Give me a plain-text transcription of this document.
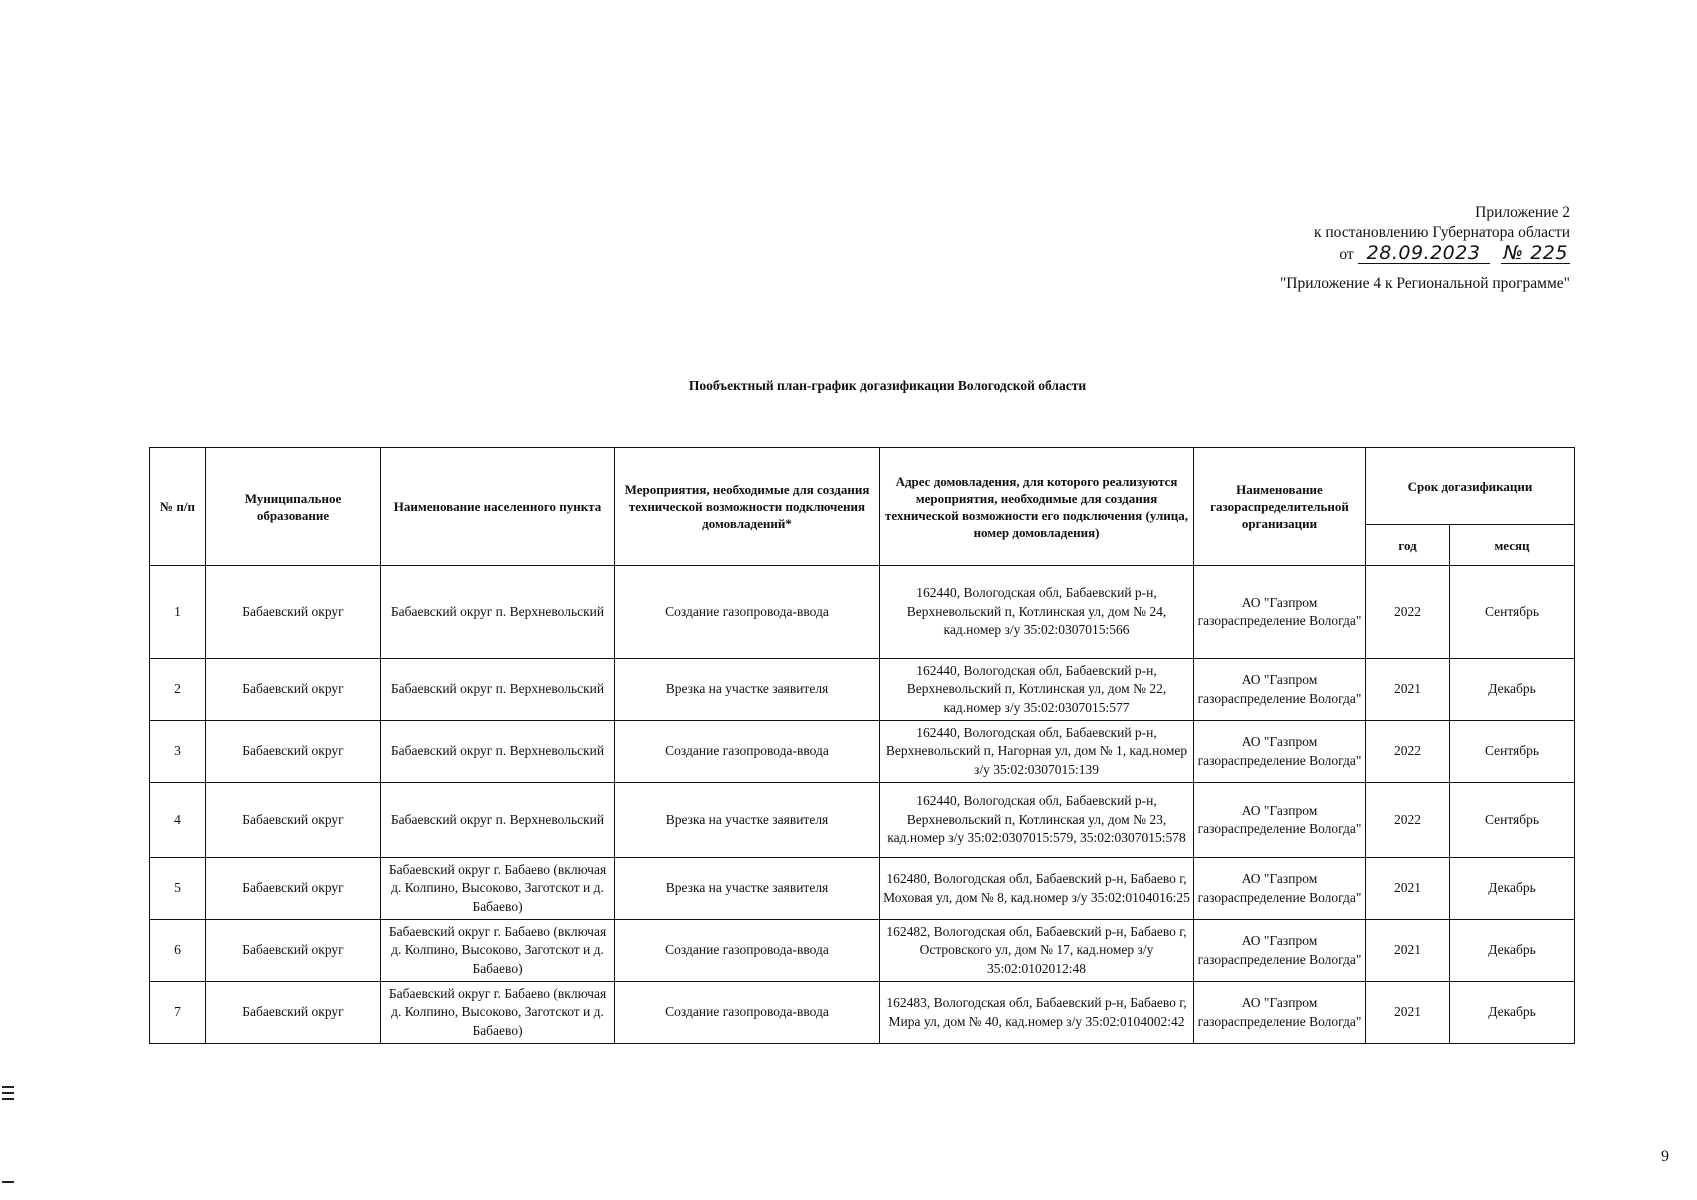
Приложение 2
к постановлению Губернатора области
от 28.09.2023 № 225
"Приложение 4 к Региональной программе"
Пообъектный план-график догазификации Вологодской области
№ п/п	Муниципальное образование	Наименование населенного пункта	Мероприятия, необходимые для создания технической возможности подключения домовладений*	Адрес домовладения, для которого реализуются мероприятия, необходимые для создания технической возможности его подключения (улица, номер домовладения)	Наименование газораспределительной организации	Срок догазификации	
						год	месяц
1	Бабаевский округ	Бабаевский округ п. Верхневольский	Создание газопровода-ввода	162440, Вологодская обл, Бабаевский р-н, Верхневольский п, Котлинская ул, дом № 24, кад.номер з/у 35:02:0307015:566	АО "Газпром газораспределение Вологда"	2022	Сентябрь
2	Бабаевский округ	Бабаевский округ п. Верхневольский	Врезка на участке заявителя	162440, Вологодская обл, Бабаевский р-н, Верхневольский п, Котлинская ул, дом № 22, кад.номер з/у 35:02:0307015:577	АО "Газпром газораспределение Вологда"	2021	Декабрь
3	Бабаевский округ	Бабаевский округ п. Верхневольский	Создание газопровода-ввода	162440, Вологодская обл, Бабаевский р-н, Верхневольский п, Нагорная ул, дом № 1, кад.номер з/у 35:02:0307015:139	АО "Газпром газораспределение Вологда"	2022	Сентябрь
4	Бабаевский округ	Бабаевский округ п. Верхневольский	Врезка на участке заявителя	162440, Вологодская обл, Бабаевский р-н, Верхневольский п, Котлинская ул, дом № 23, кад.номер з/у 35:02:0307015:579, 35:02:0307015:578	АО "Газпром газораспределение Вологда"	2022	Сентябрь
5	Бабаевский округ	Бабаевский округ г. Бабаево (включая д. Колпино, Высоково, Заготскот и д. Бабаево)	Врезка на участке заявителя	162480, Вологодская обл, Бабаевский р-н, Бабаево г, Моховая ул, дом № 8, кад.номер з/у 35:02:0104016:25	АО "Газпром газораспределение Вологда"	2021	Декабрь
6	Бабаевский округ	Бабаевский округ г. Бабаево (включая д. Колпино, Высоково, Заготскот и д. Бабаево)	Создание газопровода-ввода	162482, Вологодская обл, Бабаевский р-н, Бабаево г, Островского ул, дом № 17, кад.номер з/у 35:02:0102012:48	АО "Газпром газораспределение Вологда"	2021	Декабрь
7	Бабаевский округ	Бабаевский округ г. Бабаево (включая д. Колпино, Высоково, Заготскот и д. Бабаево)	Создание газопровода-ввода	162483, Вологодская обл, Бабаевский р-н, Бабаево г, Мира ул, дом № 40, кад.номер з/у 35:02:0104002:42	АО "Газпром газораспределение Вологда"	2021	Декабрь
9
